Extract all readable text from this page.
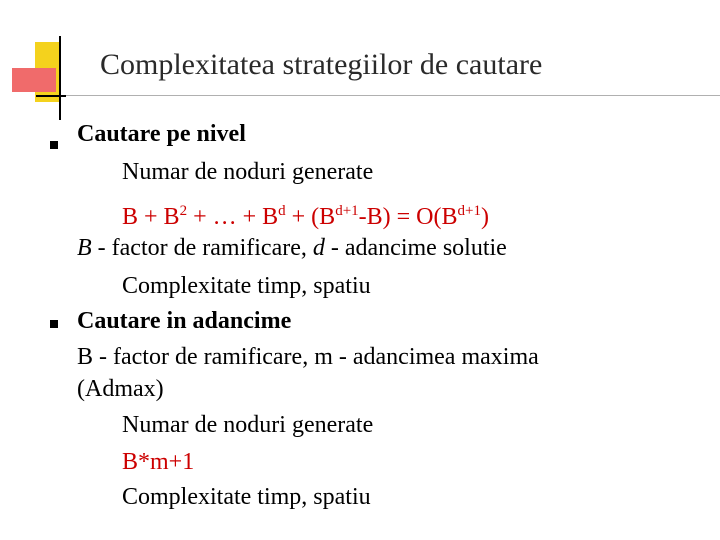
Complexitatea strategiilor de cautare
Cautare pe nivel
Numar de noduri generate
$B + B^2$ + … + $B^d + (B^{d+1}-B) = O(B^{d+1})$
B - factor de ramificare, d - adancime solutie
Complexitate timp, spatiu
Cautare in adancime
B - factor de ramificare, m - adancimea maxima
(Admax)
Numar de noduri generate
B*m+1
Complexitate timp, spatiu
